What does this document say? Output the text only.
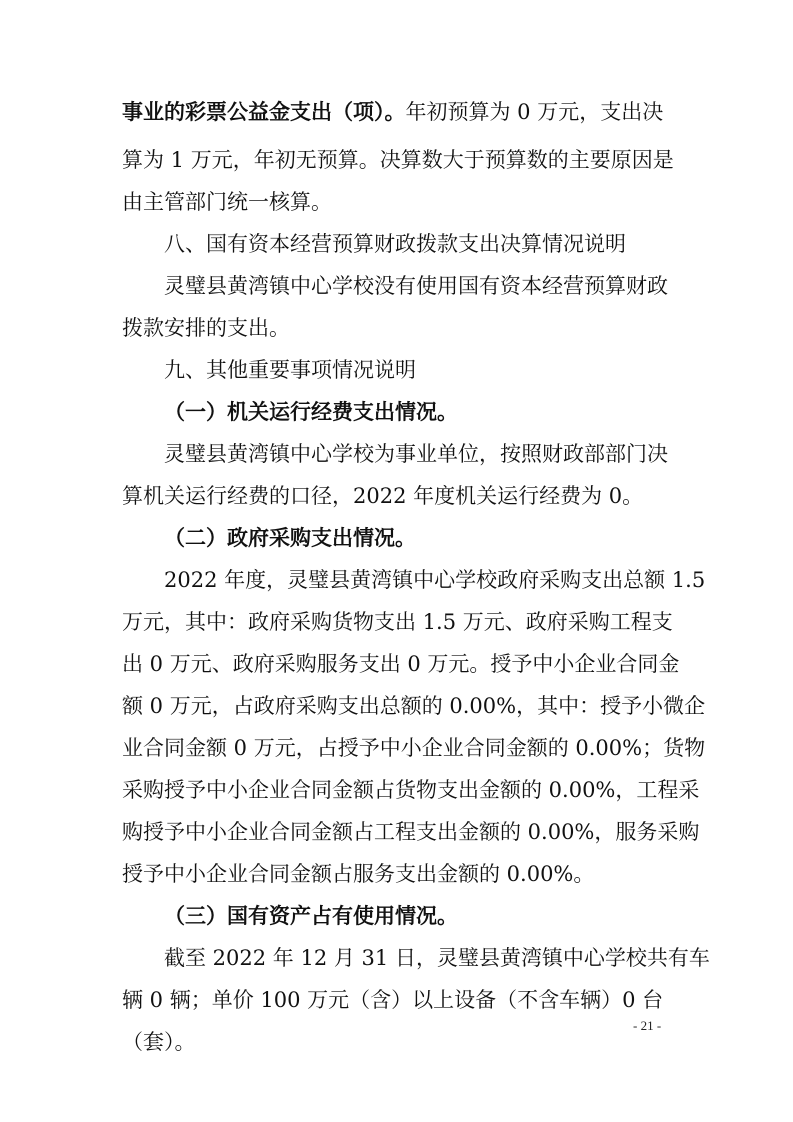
事业的彩票公益金支出（项）。年初预算为 0 万元，支出决
算为 1 万元，年初无预算。决算数大于预算数的主要原因是
由主管部门统一核算。
八、国有资本经营预算财政拨款支出决算情况说明
灵璧县黄湾镇中心学校没有使用国有资本经营预算财政
拨款安排的支出。
九、其他重要事项情况说明
（一）机关运行经费支出情况。
灵璧县黄湾镇中心学校为事业单位，按照财政部部门决
算机关运行经费的口径，2022 年度机关运行经费为 0。
（二）政府采购支出情况。
2022 年度，灵璧县黄湾镇中心学校政府采购支出总额 1.5
万元，其中：政府采购货物支出 1.5 万元、政府采购工程支
出 0 万元、政府采购服务支出 0 万元。授予中小企业合同金
额 0 万元，占政府采购支出总额的 0.00%，其中：授予小微企
业合同金额 0 万元，占授予中小企业合同金额的 0.00%；货物
采购授予中小企业合同金额占货物支出金额的 0.00%，工程采
购授予中小企业合同金额占工程支出金额的 0.00%，服务采购
授予中小企业合同金额占服务支出金额的 0.00%。
（三）国有资产占有使用情况。
截至 2022 年 12 月 31 日，灵璧县黄湾镇中心学校共有车
辆 0 辆；单价 100 万元（含）以上设备（不含车辆）0 台
（套）。
- 21 -
